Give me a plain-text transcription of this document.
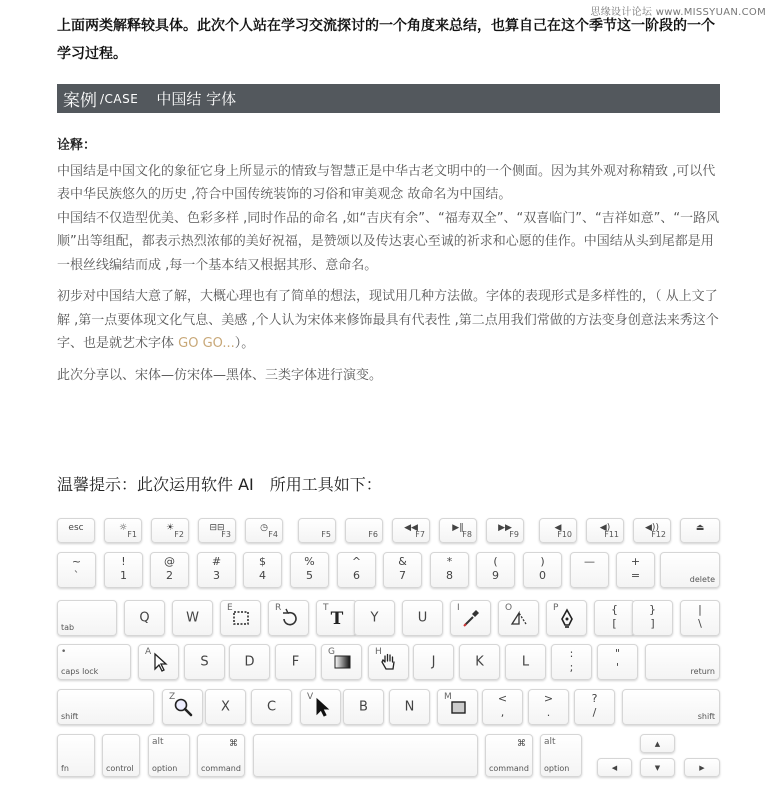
思缘设计论坛 www.MISSYUAN.COM

上面两类解释较具体。此次个人站在学习交流探讨的一个角度来总结，也算自己在这个季节这一阶段的一个学习过程。

案例 /CASE 中国结 字体

诠释：

中国结是中国文化的象征它身上所显示的情致与智慧正是中华古老文明中的一个侧面。因为其外观对称精致 ,可以代表中华民族悠久的历史 ,符合中国传统装饰的习俗和审美观念 故命名为中国结。

中国结不仅造型优美、色彩多样 ,同时作品的命名 ,如“吉庆有余”、“福寿双全”、“双喜临门”、“吉祥如意”、“一路风顺”出等组配，都表示热烈浓郁的美好祝福，是赞颂以及传达衷心至诚的祈求和心愿的佳作。中国结从头到尾都是用一根丝线编结而成 ,每一个基本结又根据其形、意命名。

初步对中国结大意了解，大概心理也有了简单的想法，现试用几种方法做。字体的表现形式是多样性的，（ 从上文了解 ,第一点要体现文化气息、美感 ,个人认为宋体来修饰最具有代表性 ,第二点用我们常做的方法变身创意法来秀这个字、也是就艺术字体 GO GO...）。

此次分享以、宋体—仿宋体—黑体、三类字体进行演变。

温馨提示：此次运用软件 AI　所用工具如下：

esc	☼
F1
☀
F2
⊟⊟
F3
◷
F4	F5	F6
◀◀
F7
▶‖
F8
▶▶
F9
◀
F10
◀)
F11
◀))
F12
⏏
~
`
!
1
@
2
#
3
$
4
%
5
^
6
&
7
*
8
(
9
)
0
—	+
=	delete
tab
Q	W
E	R	T
T	Y	U
I	O	P	{
[
}
]
|
\
•
caps lock
A
S	D	F
G	H
J	K	L
:
;
"
'	return
shift
Z
X	C
V
B	N
M	<
,
>
.
?
/	shift
fn	control
alt
option
⌘
command
⌘
command
alt
option
▲
◀	▼	▶
